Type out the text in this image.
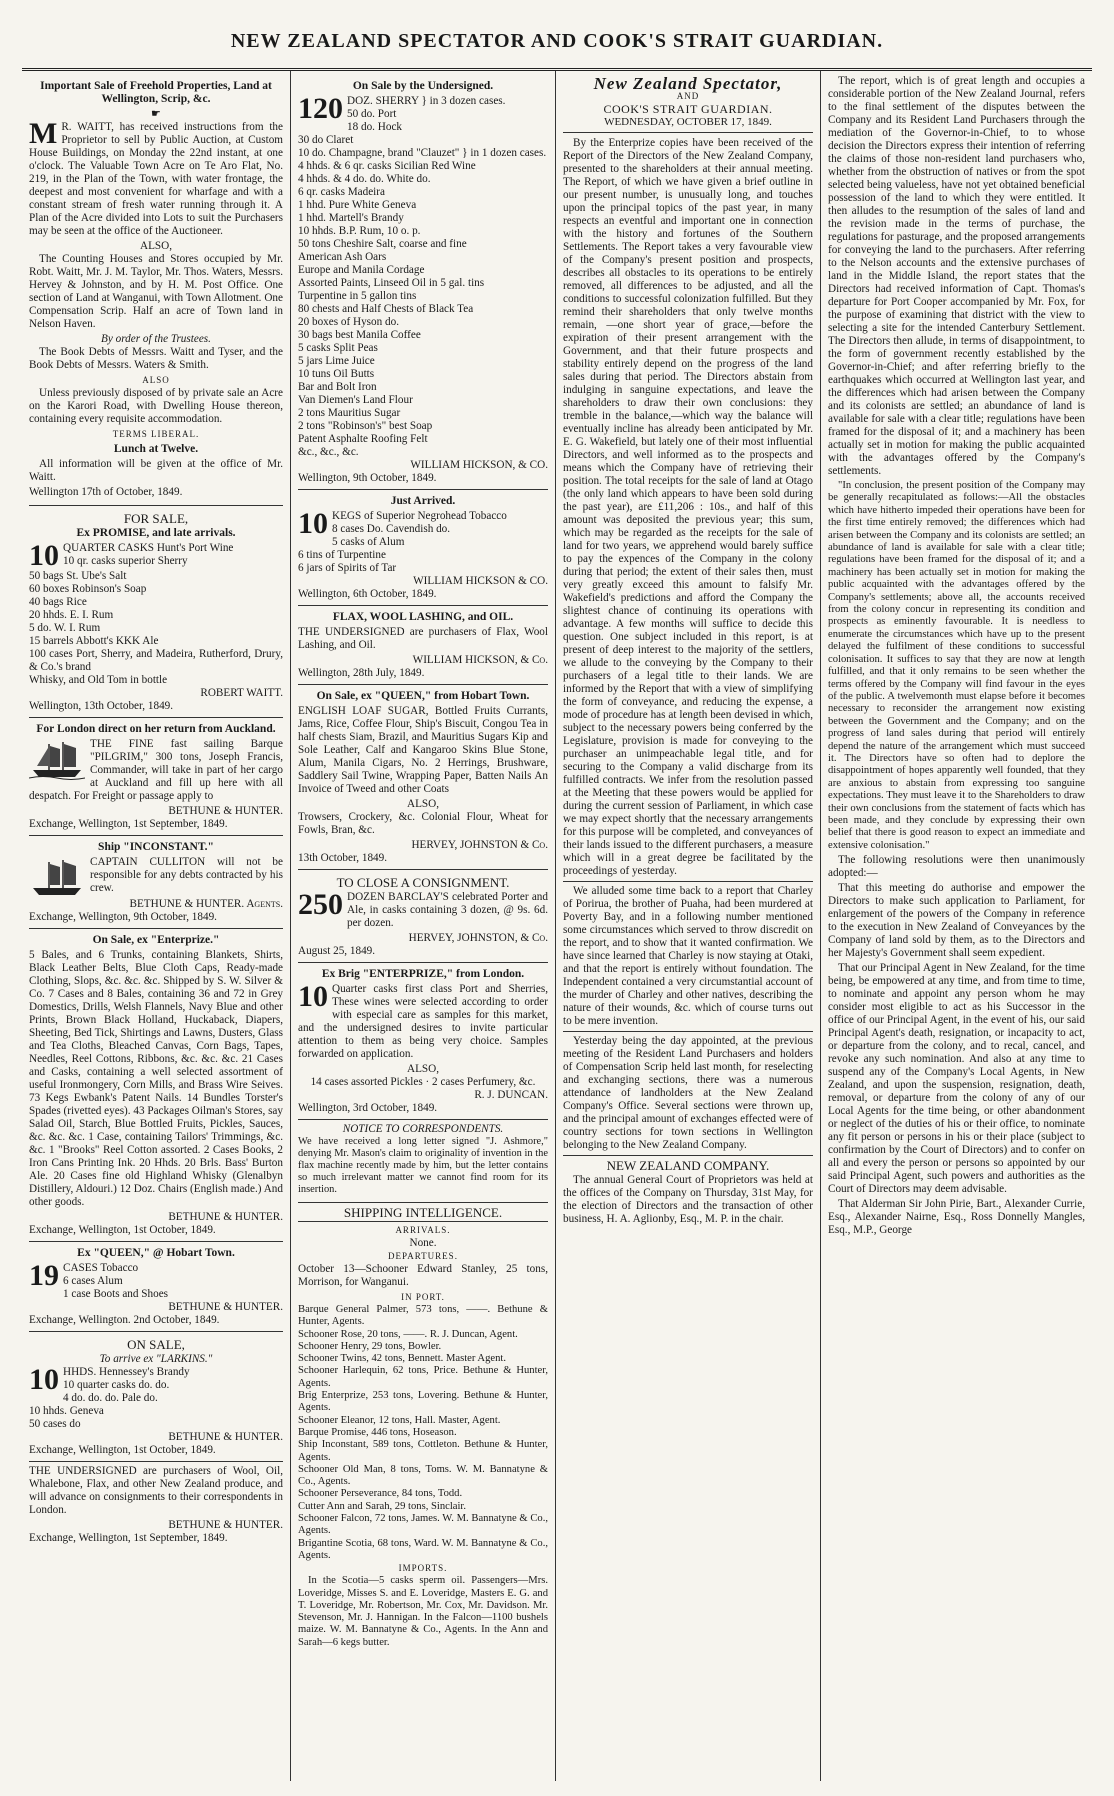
NEW ZEALAND SPECTATOR AND COOK'S STRAIT GUARDIAN.
Important Sale of Freehold Properties, Land at Wellington, Scrip, &c.
☛

M R. WAITT, has received instructions from the Proprietor to sell by Public Auction, at Custom House Buildings, on Monday the 22nd instant, at one o'clock. The Valuable Town Acre on Te Aro Flat, No. 219, in the Plan of the Town, with water frontage, the deepest and most convenient for wharfage and with a constant stream of fresh water running through it. A Plan of the Acre divided into Lots to suit the Purchasers may be seen at the office of the Auctioneer.

ALSO,

The Counting Houses and Stores occupied by Mr. Robt. Waitt, Mr. J. M. Taylor, Mr. Thos. Waters, Messrs. Hervey & Johnston, and by H. M. Post Office. One section of Land at Wanganui, with Town Allotment. One Compensation Scrip. Half an acre of Town land in Nelson Haven.

By order of the Trustees.

The Book Debts of Messrs. Waitt and Tyser, and the Book Debts of Messrs. Waters & Smith.

ALSO

Unless previously disposed of by private sale an Acre on the Karori Road, with Dwelling House thereon, containing every requisite accommodation.

TERMS LIBERAL.
Lunch at Twelve.

All information will be given at the office of Mr. Waitt.

Wellington 17th of October, 1849.

FOR SALE,
Ex PROMISE, and late arrivals.
10 QUARTER CASKS Hunt's Port Wine
10 qr. casks superior Sherry
50 bags St. Ube's Salt
60 boxes Robinson's Soap
40 bags Rice
20 hhds. E. I. Rum
5 do. W. I. Rum
15 barrels Abbott's KKK Ale
100 cases Port, Sherry, and Madeira, Rutherford, Drury, & Co.'s brand
Whisky, and Old Tom in bottle
ROBERT WAITT.
Wellington, 13th October, 1849.
For London direct on her return from Auckland.

THE FINE fast sailing Barque "PILGRIM," 300 tons, Joseph Francis, Commander, will take in part of her cargo at Auckland and fill up here with all despatch. For Freight or passage apply to

BETHUNE & HUNTER.
Exchange, Wellington, 1st September, 1849.
Ship "INCONSTANT."

CAPTAIN CULLITON will not be responsible for any debts contracted by his crew.

BETHUNE & HUNTER. Agents.
Exchange, Wellington, 9th October, 1849.
On Sale, ex "Enterprize."

5 Bales, and 6 Trunks, containing Blankets, Shirts, Black Leather Belts, Blue Cloth Caps, Ready-made Clothing, Slops, &c. &c. &c. Shipped by S. W. Silver & Co. 7 Cases and 8 Bales, containing 36 and 72 in Grey Domestics, Drills, Welsh Flannels, Navy Blue and other Prints, Brown Black Holland, Huckaback, Diapers, Sheeting, Bed Tick, Shirtings and Lawns, Dusters, Glass and Tea Cloths, Bleached Canvas, Corn Bags, Tapes, Needles, Reel Cottons, Ribbons, &c. &c. &c. 21 Cases and Casks, containing a well selected assortment of useful Ironmongery, Corn Mills, and Brass Wire Seives. 73 Kegs Ewbank's Patent Nails. 14 Bundles Torster's Spades (rivetted eyes). 43 Packages Oilman's Stores, say Salad Oil, Starch, Blue Bottled Fruits, Pickles, Sauces, &c. &c. &c. 1 Case, containing Tailors' Trimmings, &c. &c. 1 "Brooks" Reel Cotton assorted. 2 Cases Books, 2 Iron Cans Printing Ink. 20 Hhds. 20 Brls. Bass' Burton Ale. 20 Cases fine old Highland Whisky (Glenalbyn Distillery, Aldouri.) 12 Doz. Chairs (English made.) And other goods.

BETHUNE & HUNTER.
Exchange, Wellington, 1st October, 1849.
Ex "QUEEN," @ Hobart Town.
19 CASES Tobacco
6 cases Alum
1 case Boots and Shoes
BETHUNE & HUNTER.
Exchange, Wellington. 2nd October, 1849.
ON SALE,
To arrive ex "LARKINS."
10 HHDS. Hennessey's Brandy
10 quarter casks do. do.
4 do. do. do. Pale do.
10 hhds. Geneva
50 cases do
BETHUNE & HUNTER.
Exchange, Wellington, 1st October, 1849.

THE UNDERSIGNED are purchasers of Wool, Oil, Whalebone, Flax, and other New Zealand produce, and will advance on consignments to their correspondents in London.

BETHUNE & HUNTER.
Exchange, Wellington, 1st September, 1849.
On Sale by the Undersigned.
120 DOZ. SHERRY } in 3 dozen cases.
50 do. Port
18 do. Hock
30 do Claret
10 do. Champagne, brand "Clauzet" } in 1 dozen cases.
4 hhds. & 6 qr. casks Sicilian Red Wine
4 hhds. & 4 do. do. White do.
6 qr. casks Madeira
1 hhd. Pure White Geneva
1 hhd. Martell's Brandy
10 hhds. B.P. Rum, 10 o. p.
50 tons Cheshire Salt, coarse and fine
American Ash Oars
Europe and Manila Cordage
Assorted Paints, Linseed Oil in 5 gal. tins
Turpentine in 5 gallon tins
80 chests and Half Chests of Black Tea
20 boxes of Hyson do.
30 bags best Manila Coffee
5 casks Split Peas
5 jars Lime Juice
10 tuns Oil Butts
Bar and Bolt Iron
Van Diemen's Land Flour
2 tons Mauritius Sugar
2 tons "Robinson's" best Soap
Patent Asphalte Roofing Felt
&c., &c., &c.
WILLIAM HICKSON, & CO.
Wellington, 9th October, 1849.
Just Arrived.
10 KEGS of Superior Negrohead Tobacco
8 cases Do. Cavendish do.
5 casks of Alum
6 tins of Turpentine
6 jars of Spirits of Tar
WILLIAM HICKSON & CO.
Wellington, 6th October, 1849.
FLAX, WOOL LASHING, and OIL.

THE UNDERSIGNED are purchasers of Flax, Wool Lashing, and Oil.

WILLIAM HICKSON, & Co.
Wellington, 28th July, 1849.
On Sale, ex "QUEEN," from Hobart Town.

ENGLISH LOAF SUGAR, Bottled Fruits Currants, Jams, Rice, Coffee Flour, Ship's Biscuit, Congou Tea in half chests Siam, Brazil, and Mauritius Sugars Kip and Sole Leather, Calf and Kangaroo Skins Blue Stone, Alum, Manila Cigars, No. 2 Herrings, Brushware, Saddlery Sail Twine, Wrapping Paper, Batten Nails An Invoice of Tweed and other Coats

ALSO,

Trowsers, Crockery, &c. Colonial Flour, Wheat for Fowls, Bran, &c.

HERVEY, JOHNSTON & Co.
13th October, 1849.
TO CLOSE A CONSIGNMENT.
250 DOZEN BARCLAY'S celebrated Porter and Ale, in casks containing 3 dozen, @ 9s. 6d. per dozen.

HERVEY, JOHNSTON, & Co.
August 25, 1849.
Ex Brig "ENTERPRIZE," from London.
10 Quarter casks first class Port and Sherries, These wines were selected according to order with especial care as samples for this market, and the undersigned desires to invite particular attention to them as being very choice. Samples forwarded on application.

ALSO,
14 cases assorted Pickles · 2 cases Perfumery, &c.
R. J. DUNCAN.
Wellington, 3rd October, 1849.
NOTICE TO CORRESPONDENTS.

We have received a long letter signed "J. Ashmore," denying Mr. Mason's claim to originality of invention in the flax machine recently made by him, but the letter contains so much irrelevant matter we cannot find room for its insertion.

SHIPPING INTELLIGENCE.
ARRIVALS.
None.
DEPARTURES.

October 13—Schooner Edward Stanley, 25 tons, Morrison, for Wanganui.

IN PORT.
Barque General Palmer, 573 tons, ——. Bethune & Hunter, Agents.
Schooner Rose, 20 tons, ——. R. J. Duncan, Agent.
Schooner Henry, 29 tons, Bowler.
Schooner Twins, 42 tons, Bennett. Master Agent.
Schooner Harlequin, 62 tons, Price. Bethune & Hunter, Agents.
Brig Enterprize, 253 tons, Lovering. Bethune & Hunter, Agents.
Schooner Eleanor, 12 tons, Hall. Master, Agent.
Barque Promise, 446 tons, Hoseason.
Ship Inconstant, 589 tons, Cottleton. Bethune & Hunter, Agents.
Schooner Old Man, 8 tons, Toms. W. M. Bannatyne & Co., Agents.
Schooner Perseverance, 84 tons, Todd.
Cutter Ann and Sarah, 29 tons, Sinclair.
Schooner Falcon, 72 tons, James. W. M. Bannatyne & Co., Agents.
Brigantine Scotia, 68 tons, Ward. W. M. Bannatyne & Co., Agents.
IMPORTS.

In the Scotia—5 casks sperm oil. Passengers—Mrs. Loveridge, Misses S. and E. Loveridge, Masters E. G. and T. Loveridge, Mr. Robertson, Mr. Cox, Mr. Davidson. Mr. Stevenson, Mr. J. Hannigan. In the Falcon—1100 bushels maize. W. M. Bannatyne & Co., Agents. In the Ann and Sarah—6 kegs butter.

New Zealand Spectator,
AND
COOK'S STRAIT GUARDIAN.
WEDNESDAY, OCTOBER 17, 1849.

By the Enterprize copies have been received of the Report of the Directors of the New Zealand Company, presented to the shareholders at their annual meeting. The Report, of which we have given a brief outline in our present number, is unusually long, and touches upon the principal topics of the past year, in many respects an eventful and important one in connection with the history and fortunes of the Southern Settlements. The Report takes a very favourable view of the Company's present position and prospects, describes all obstacles to its operations to be entirely removed, all differences to be adjusted, and all the conditions to successful colonization fulfilled. But they remind their shareholders that only twelve months remain, —one short year of grace,—before the expiration of their present arrangement with the Government, and that their future prospects and stability entirely depend on the progress of the land sales during that period. The Directors abstain from indulging in sanguine expectations, and leave the shareholders to draw their own conclusions: they tremble in the balance,—which way the balance will eventually incline has already been anticipated by Mr. E. G. Wakefield, but lately one of their most influential Directors, and well informed as to the prospects and means which the Company have of retrieving their position. The total receipts for the sale of land at Otago (the only land which appears to have been sold during the past year), are £11,206 : 10s., and half of this amount was deposited the previous year; this sum, which may be regarded as the receipts for the sale of land for two years, we apprehend would barely suffice to pay the expences of the Company in the colony during that period; the extent of their sales then, must very greatly exceed this amount to falsify Mr. Wakefield's predictions and afford the Company the slightest chance of continuing its operations with advantage. A few months will suffice to decide this question. One subject included in this report, is at present of deep interest to the majority of the settlers, we allude to the conveying by the Company to their purchasers of a legal title to their lands. We are informed by the Report that with a view of simplifying the form of conveyance, and reducing the expense, a mode of procedure has at length been devised in which, subject to the necessary powers being conferred by the Legislature, provision is made for conveying to the purchaser an unimpeachable legal title, and for securing to the Company a valid discharge from its fulfilled contracts. We infer from the resolution passed at the Meeting that these powers would be applied for during the current session of Parliament, in which case we may expect shortly that the necessary arrangements for this purpose will be completed, and conveyances of their lands issued to the different purchasers, a measure which will in a great degree be facilitated by the proceedings of yesterday.

We alluded some time back to a report that Charley of Porirua, the brother of Puaha, had been murdered at Poverty Bay, and in a following number mentioned some circumstances which served to throw discredit on the report, and to show that it wanted confirmation. We have since learned that Charley is now staying at Otaki, and that the report is entirely without foundation. The Independent contained a very circumstantial account of the murder of Charley and other natives, describing the nature of their wounds, &c. which of course turns out to be mere invention.

Yesterday being the day appointed, at the previous meeting of the Resident Land Purchasers and holders of Compensation Scrip held last month, for reselecting and exchanging sections, there was a numerous attendance of landholders at the New Zealand Company's Office. Several sections were thrown up, and the principal amount of exchanges effected were of country sections for town sections in Wellington belonging to the New Zealand Company.

NEW ZEALAND COMPANY.

The annual General Court of Proprietors was held at the offices of the Company on Thursday, 31st May, for the election of Directors and the transaction of other business, H. A. Aglionby, Esq., M. P. in the chair.

The report, which is of great length and occupies a considerable portion of the New Zealand Journal, refers to the final settlement of the disputes between the Company and its Resident Land Purchasers through the mediation of the Governor-in-Chief, to to whose decision the Directors express their intention of referring the claims of those non-resident land purchasers who, whether from the obstruction of natives or from the spot selected being valueless, have not yet obtained beneficial possession of the land to which they were entitled. It then alludes to the resumption of the sales of land and the revision made in the terms of purchase, the regulations for pasturage, and the proposed arrangements for conveying the land to the purchasers. After referring to the Nelson accounts and the extensive purchases of land in the Middle Island, the report states that the Directors had received information of Capt. Thomas's departure for Port Cooper accompanied by Mr. Fox, for the purpose of examining that district with the view to selecting a site for the intended Canterbury Settlement. The Directors then allude, in terms of disappointment, to the form of government recently established by the Governor-in-Chief; and after referring briefly to the earthquakes which occurred at Wellington last year, and the differences which had arisen between the Company and its colonists are settled; an abundance of land is available for sale with a clear title; regulations have been framed for the disposal of it; and a machinery has been actually set in motion for making the public acquainted with the advantages offered by the Company's settlements.

"In conclusion, the present position of the Company may be generally recapitulated as follows:—All the obstacles which have hitherto impeded their operations have been for the first time entirely removed; the differences which had arisen between the Company and its colonists are settled; an abundance of land is available for sale with a clear title; regulations have been framed for the disposal of it; and a machinery has been actually set in motion for making the public acquainted with the advantages offered by the Company's settlements; above all, the accounts received from the colony concur in representing its condition and prospects as eminently favourable. It is needless to enumerate the circumstances which have up to the present delayed the fulfilment of these conditions to successful colonisation. It suffices to say that they are now at length fulfilled, and that it only remains to be seen whether the terms offered by the Company will find favour in the eyes of the public. A twelvemonth must elapse before it becomes necessary to reconsider the arrangement now existing between the Government and the Company; and on the progress of land sales during that period will entirely depend the nature of the arrangement which must succeed it. The Directors have so often had to deplore the disappointment of hopes apparently well founded, that they are anxious to abstain from expressing too sanguine expectations. They must leave it to the Shareholders to draw their own conclusions from the statement of facts which has been made, and they conclude by expressing their own belief that there is good reason to expect an immediate and extensive colonisation."

The following resolutions were then unanimously adopted:—

That this meeting do authorise and empower the Directors to make such application to Parliament, for enlargement of the powers of the Company in reference to the execution in New Zealand of Conveyances by the Company of land sold by them, as to the Directors and her Majesty's Government shall seem expedient.

That our Principal Agent in New Zealand, for the time being, be empowered at any time, and from time to time, to nominate and appoint any person whom he may consider most eligible to act as his Successor in the office of our Principal Agent, in the event of his, our said Principal Agent's death, resignation, or incapacity to act, or departure from the colony, and to recal, cancel, and revoke any such nomination. And also at any time to suspend any of the Company's Local Agents, in New Zealand, and upon the suspension, resignation, death, removal, or departure from the colony of any of our Local Agents for the time being, or other abandonment or neglect of the duties of his or their office, to nominate any fit person or persons in his or their place (subject to confirmation by the Court of Directors) and to confer on all and every the person or persons so appointed by our said Principal Agent, such powers and authorities as the Court of Directors may deem advisable.

That Alderman Sir John Pirie, Bart., Alexander Currie, Esq., Alexander Nairne, Esq., Ross Donnelly Mangles, Esq., M.P., George
